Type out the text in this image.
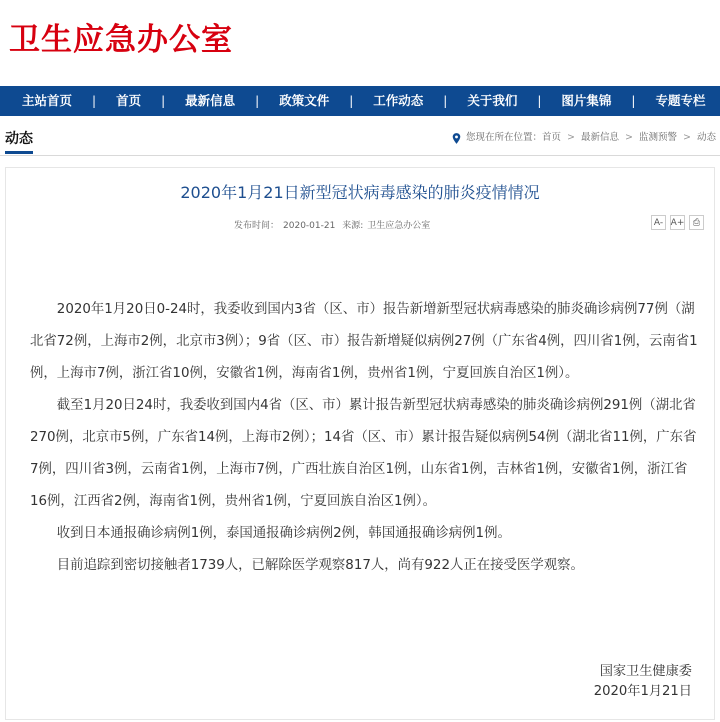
卫生应急办公室
主站首页 | 首页 | 最新信息 | 政策文件 | 工作动态 | 关于我们 | 图片集锦 | 专题专栏
动态	您现在所在位置： 首页 > 最新信息 > 监测预警 > 动态
2020年1月21日新型冠状病毒感染的肺炎疫情情况
发布时间： 2020-01-21 来源: 卫生应急办公室	A- A+ ⎙

2020年1月20日0-24时，我委收到国内3省（区、市）报告新增新型冠状病毒感染的肺炎确诊病例77例（湖北省72例，上海市2例，北京市3例）；9省（区、市）报告新增疑似病例27例（广东省4例，四川省1例，云南省1例，上海市7例，浙江省10例，安徽省1例，海南省1例，贵州省1例，宁夏回族自治区1例）。

截至1月20日24时，我委收到国内4省（区、市）累计报告新型冠状病毒感染的肺炎确诊病例291例（湖北省270例，北京市5例，广东省14例，上海市2例）；14省（区、市）累计报告疑似病例54例（湖北省11例，广东省7例，四川省3例，云南省1例，上海市7例，广西壮族自治区1例，山东省1例，吉林省1例，安徽省1例，浙江省16例，江西省2例，海南省1例，贵州省1例，宁夏回族自治区1例）。

收到日本通报确诊病例1例，泰国通报确诊病例2例，韩国通报确诊病例1例。

目前追踪到密切接触者1739人，已解除医学观察817人，尚有922人正在接受医学观察。

国家卫生健康委
2020年1月21日
